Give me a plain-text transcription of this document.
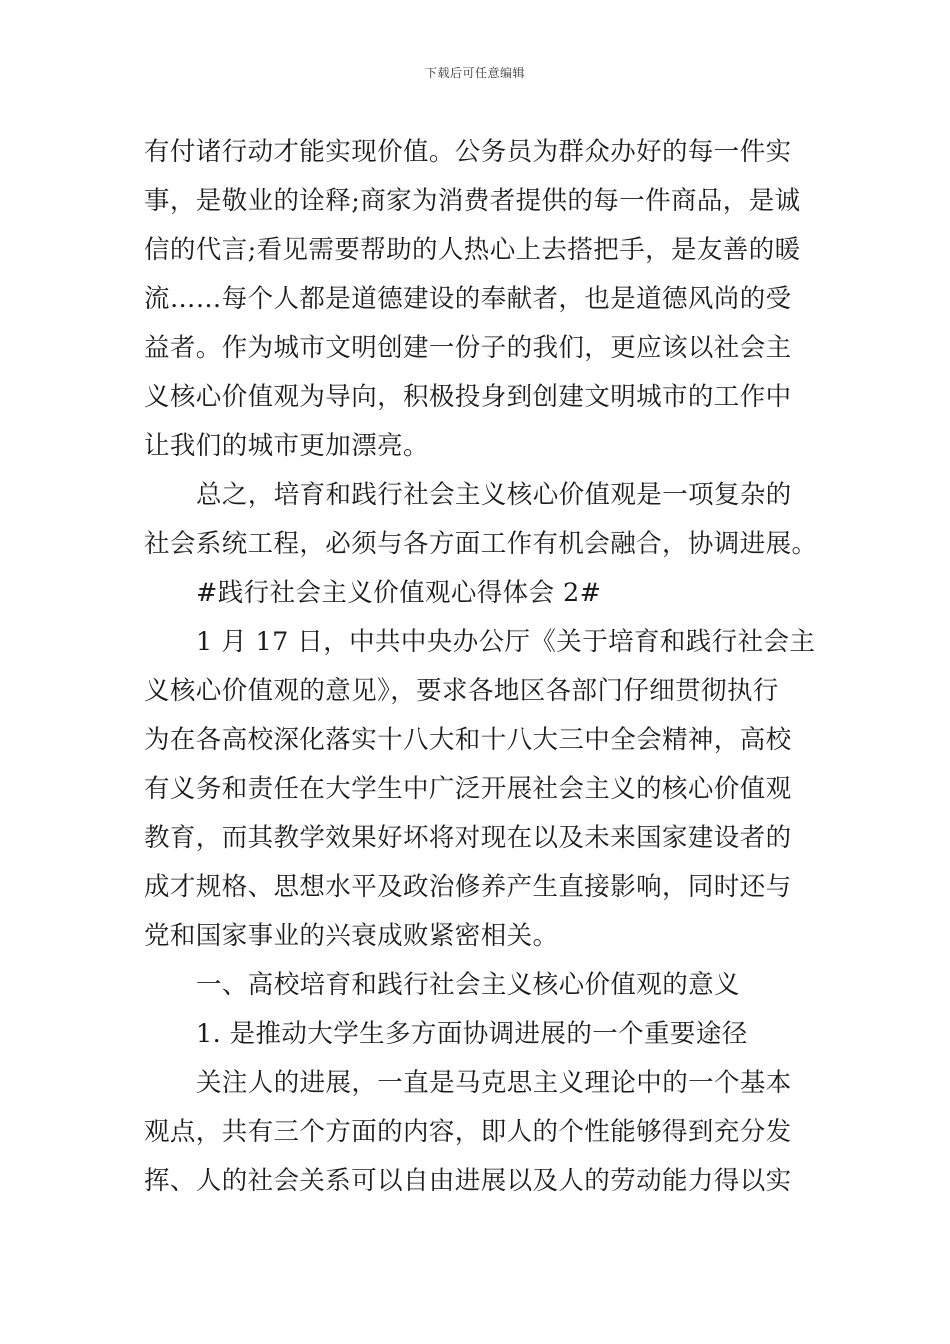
下载后可任意编辑
有付诸行动才能实现价值。公务员为群众办好的每一件实
事，是敬业的诠释;商家为消费者提供的每一件商品，是诚
信的代言;看见需要帮助的人热心上去搭把手，是友善的暖
流……每个人都是道德建设的奉献者，也是道德风尚的受
益者。作为城市文明创建一份子的我们，更应该以社会主
义核心价值观为导向，积极投身到创建文明城市的工作中
让我们的城市更加漂亮。
总之，培育和践行社会主义核心价值观是一项复杂的
社会系统工程，必须与各方面工作有机会融合，协调进展。
#践行社会主义价值观心得体会 2#
1 月 17 日，中共中央办公厅《关于培育和践行社会主
义核心价值观的意见》，要求各地区各部门仔细贯彻执行
为在各高校深化落实十八大和十八大三中全会精神，高校
有义务和责任在大学生中广泛开展社会主义的核心价值观
教育，而其教学效果好坏将对现在以及未来国家建设者的
成才规格、思想水平及政治修养产生直接影响，同时还与
党和国家事业的兴衰成败紧密相关。
一、高校培育和践行社会主义核心价值观的意义
1. 是推动大学生多方面协调进展的一个重要途径
关注人的进展，一直是马克思主义理论中的一个基本
观点，共有三个方面的内容，即人的个性能够得到充分发
挥、人的社会关系可以自由进展以及人的劳动能力得以实
